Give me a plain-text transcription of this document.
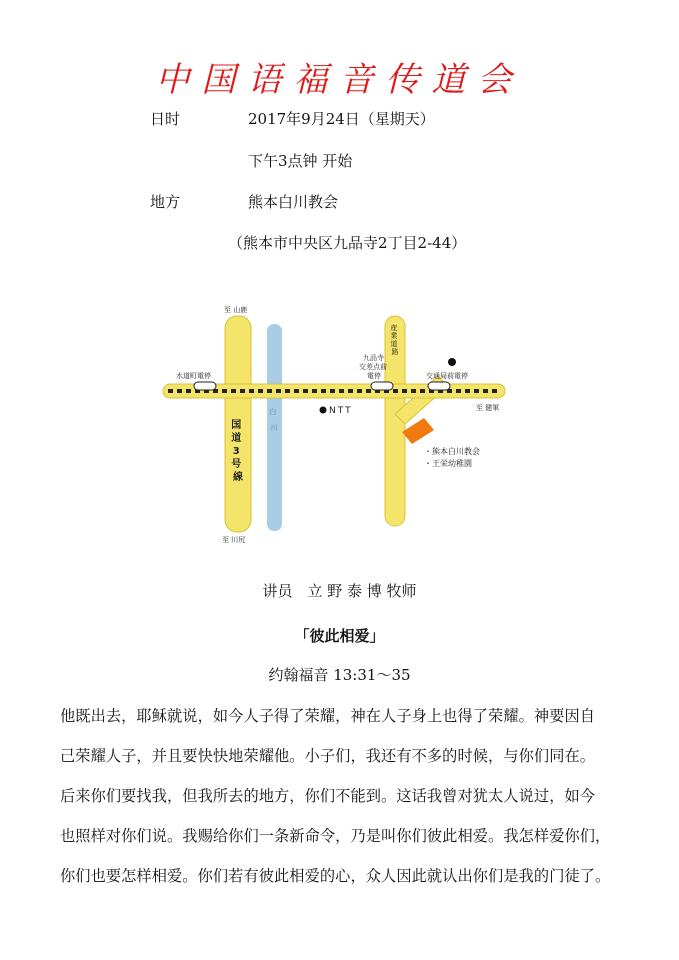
中国语福音传道会
日时	2017年9月24日（星期天）
下午3点钟 开始
地方	熊本白川教会
（熊本市中央区九品寺2丁目2-44）
至 山鹿
至 川尻
至 健軍
水道町電停	交通局前電停
NTT
九品寺 交差点前 電停
産 業 道 路
国 道 3 号 線
白 川
・熊本白川教会 ・王栄幼稚園
讲员　立 野 泰 博 牧师
「彼此相爱」
约翰福音 13:31～35

他既出去，耶稣就说，如今人子得了荣耀，神在人子身上也得了荣耀。神要因自

己荣耀人子，并且要快快地荣耀他。小子们，我还有不多的时候，与你们同在。

后来你们要找我，但我所去的地方，你们不能到。这话我曾对犹太人说过，如今

也照样对你们说。我赐给你们一条新命令，乃是叫你们彼此相爱。我怎样爱你们，

你们也要怎样相爱。你们若有彼此相爱的心，众人因此就认出你们是我的门徒了。
